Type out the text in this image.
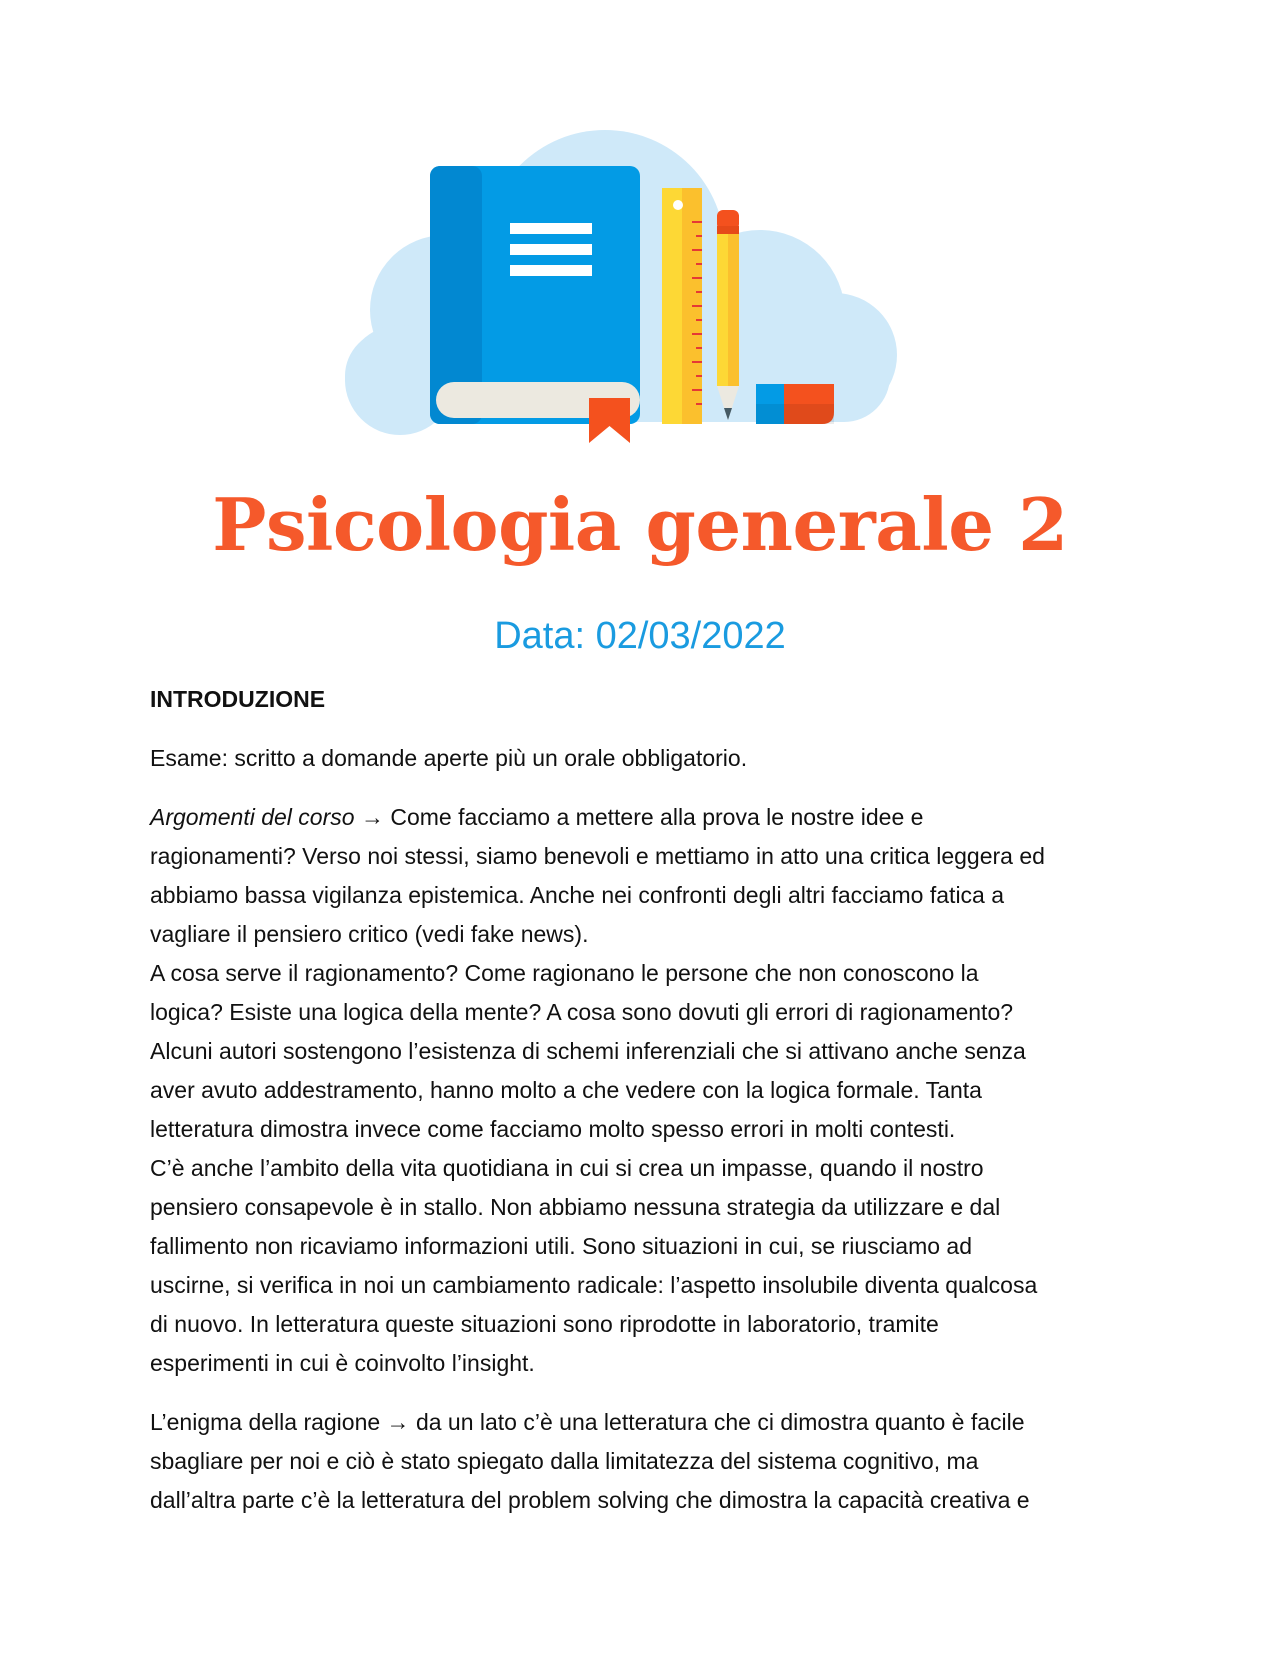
Psicologia generale 2
Data: 02/03/2022

INTRODUZIONE

Esame: scritto a domande aperte più un orale obbligatorio.

Argomenti del corso → Come facciamo a mettere alla prova le nostre idee e
ragionamenti? Verso noi stessi, siamo benevoli e mettiamo in atto una critica leggera ed
abbiamo bassa vigilanza epistemica. Anche nei confronti degli altri facciamo fatica a
vagliare il pensiero critico (vedi fake news).
A cosa serve il ragionamento? Come ragionano le persone che non conoscono la
logica? Esiste una logica della mente? A cosa sono dovuti gli errori di ragionamento?
Alcuni autori sostengono l’esistenza di schemi inferenziali che si attivano anche senza
aver avuto addestramento, hanno molto a che vedere con la logica formale. Tanta
letteratura dimostra invece come facciamo molto spesso errori in molti contesti.
C’è anche l’ambito della vita quotidiana in cui si crea un impasse, quando il nostro
pensiero consapevole è in stallo. Non abbiamo nessuna strategia da utilizzare e dal
fallimento non ricaviamo informazioni utili. Sono situazioni in cui, se riusciamo ad
uscirne, si verifica in noi un cambiamento radicale: l’aspetto insolubile diventa qualcosa
di nuovo. In letteratura queste situazioni sono riprodotte in laboratorio, tramite
esperimenti in cui è coinvolto l’insight.

L’enigma della ragione → da un lato c’è una letteratura che ci dimostra quanto è facile
sbagliare per noi e ciò è stato spiegato dalla limitatezza del sistema cognitivo, ma
dall’altra parte c’è la letteratura del problem solving che dimostra la capacità creativa e
